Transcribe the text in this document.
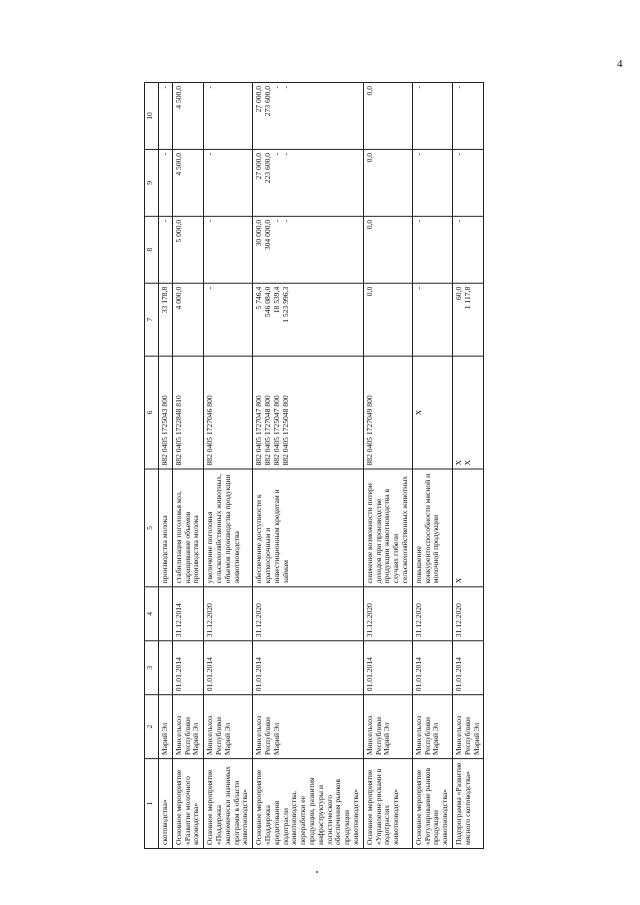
4
1	2	3	4	5	6	7	8	9	10
скотоводства»	Марий Эл			производства молока	882 0405 1725043 800	33 178,8	-	-	-
Основное мероприятие «Развитие молочного козоводства»	Минсельхоз Республики Марий Эл	01.01.2014	31.12.2014	стабилизация поголовья коз, наращивание объемов производства молока	882 0405 1722848 810	4 000,0	5 000,0	4 500,0	4 500,0
Основное мероприятие «Поддержка экономически значимых программ в области животноводства»	Минсельхоз Республики Марий Эл	01.01.2014	31.12.2020	увеличение поголовья сельскохозяйственных животных, объемов производства продукции животноводства	882 0405 1727046 800	-	-	-	-
Основное мероприятие «Поддержка кредитования подотрасли животноводства, переработки ее продукции, развития инфраструктуры и логистического обеспечения рынков продукции животноводства»	Минсельхоз Республики Марий Эл	01.01.2014	31.12.2020	обеспечение доступности к краткосрочным и инвестиционным кредитам и займам	882 0405 1727047 800 882 0405 1727048 800 882 0405 1725047 800 882 0405 1725048 800	5 746,4 546 084,0 18 539,4 1 523 996,3	30 000,0 304 000,0 - -	27 000,0 223 600,0 - -	27 000,0 273 600,0 - -

Основное мероприятие «Управление рисками в подотраслях животноводства»	Минсельхоз Республики Марий Эл	01.01.2014	31.12.2020	снижение возможности потери доходов при производстве продукции животноводства в случаях гибели сельскохозяйственных животных	882 0405 1727049 800	0,0	0,0	0,0	0,0
Основное мероприятие «Регулирование рынков продукции животноводства»	Минсельхоз Республики Марий Эл	01.01.2014	31.12.2020	повышение конкурентоспособности мясной и молочной продукции	Х	-	-	-	-
Подпрограмма «Развитие мясного скотоводства»	Минсельхоз Республики Марий Эл	01.01.2014	31.12.2020	Х	Х Х	60,0 1 117,8	-	-	-
